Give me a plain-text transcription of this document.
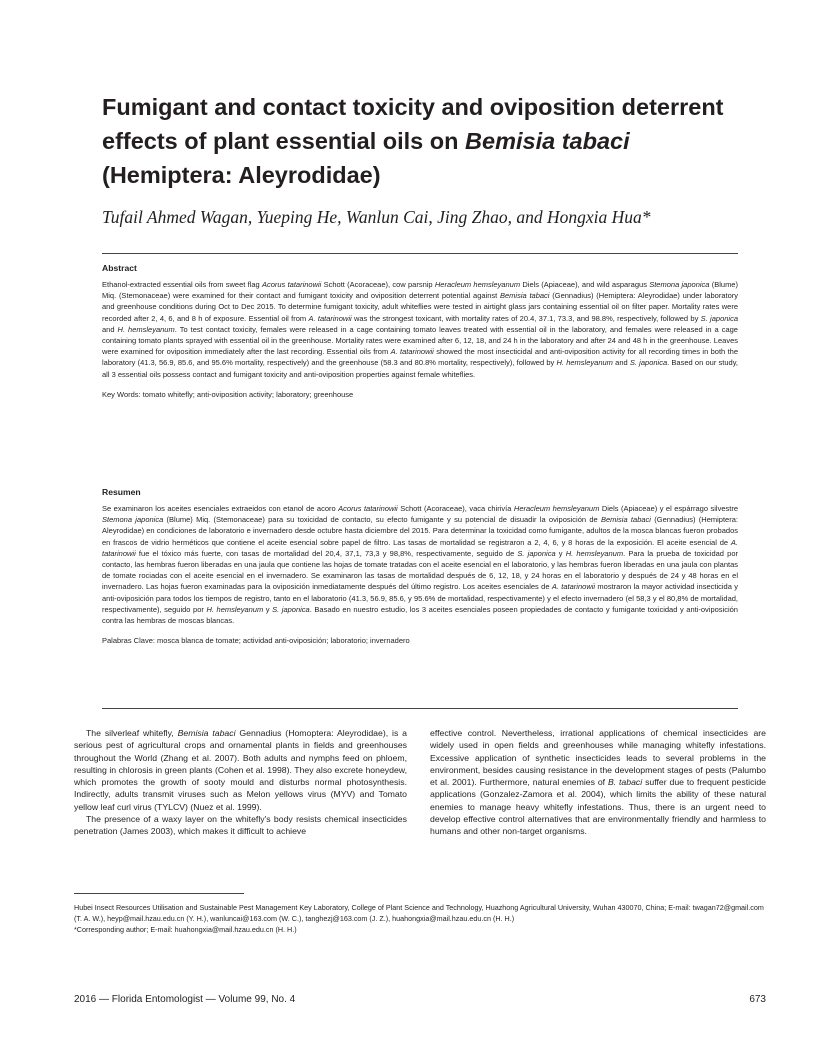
Fumigant and contact toxicity and oviposition deterrent
effects of plant essential oils on Bemisia tabaci
(Hemiptera: Aleyrodidae)
Tufail Ahmed Wagan, Yueping He, Wanlun Cai, Jing Zhao, and Hongxia Hua*
Abstract

Ethanol-extracted essential oils from sweet flag Acorus tatarinowii Schott (Acoraceae), cow parsnip Heracleum hemsleyanum Diels (Apiaceae), and wild asparagus Stemona japonica (Blume) Miq. (Stemonaceae) were examined for their contact and fumigant toxicity and oviposition deterrent potential against Bemisia tabaci (Gennadius) (Hemiptera: Aleyrodidae) under laboratory and greenhouse conditions during Oct to Dec 2015. To determine fumigant toxicity, adult whiteflies were tested in airtight glass jars containing essential oil on filter paper. Mortality rates were recorded after 2, 4, 6, and 8 h of exposure. Essential oil from A. tatarinowii was the strongest toxicant, with mortality rates of 20.4, 37.1, 73.3, and 98.8%, respectively, followed by S. japonica and H. hemsleyanum. To test contact toxicity, females were released in a cage containing tomato leaves treated with essential oil in the laboratory, and females were released in a cage containing tomato plants sprayed with essential oil in the greenhouse. Mortality rates were examined after 6, 12, 18, and 24 h in the laboratory and after 24 and 48 h in the greenhouse. Leaves were examined for oviposition immediately after the last recording. Essential oils from A. tatarinowii showed the most insecticidal and anti-oviposition activity for all recording times in both the laboratory (41.3, 56.9, 85.6, and 95.6% mortality, respectively) and the greenhouse (58.3 and 80.8% mortality, respectively), followed by H. hemsleyanum and S. japonica. Based on our study, all 3 essential oils possess contact and fumigant toxicity and anti-oviposition properties against female whiteflies.

Key Words: tomato whitefly; anti-oviposition activity; laboratory; greenhouse

Resumen

Se examinaron los aceites esenciales extraeidos con etanol de acoro Acorus tatarinowii Schott (Acoraceae), vaca chirivía Heracleum hemsleyanum Diels (Apiaceae) y el espárrago silvestre Stemona japonica (Blume) Miq. (Stemonaceae) para su toxicidad de contacto, su efecto fumigante y su potencial de disuadir la oviposición de Bemisia tabaci (Gennadius) (Hemiptera: Aleyrodidae) en condiciones de laboratorio e invernadero desde octubre hasta diciembre del 2015. Para determinar la toxicidad como fumigante, adultos de la mosca blancas fueron probados en frascos de vidrio herméticos que contiene el aceite esencial sobre papel de filtro. Las tasas de mortalidad se registraron a 2, 4, 6, y 8 horas de la exposición. El aceite esencial de A. tatarinowii fue el tóxico más fuerte, con tasas de mortalidad del 20,4, 37,1, 73,3 y 98,8%, respectivamente, seguido de S. japonica y H. hemsleyanum. Para la prueba de toxicidad por contacto, las hembras fueron liberadas en una jaula que contiene las hojas de tomate tratadas con el aceite esencial en el laboratorio, y las hembras fueron liberadas en una jaula con plantas de tomate rociadas con el aceite esencial en el invernadero. Se examinaron las tasas de mortalidad después de 6, 12, 18, y 24 horas en el laboratorio y después de 24 y 48 horas en el invernadero. Las hojas fueron examinadas para la oviposición inmediatamente después del último registro. Los aceites esenciales de A. tatarinowii mostraron la mayor actividad insecticida y anti-oviposición para todos los tiempos de registro, tanto en el laboratorio (41.3, 56.9, 85.6, y 95.6% de mortalidad, respectivamente) y el efecto invernadero (el 58,3 y el 80,8% de mortalidad, respectivamente), seguido por H. hemsleyanum y S. japonica. Basado en nuestro estudio, los 3 aceites esenciales poseen propiedades de contacto y fumigante toxicidad y anti-oviposición contra las hembras de moscas blancas.

Palabras Clave: mosca blanca de tomate; actividad anti-oviposición; laboratorio; invernadero

The silverleaf whitefly, Bemisia tabaci Gennadius (Homoptera: Aleyrodidae), is a serious pest of agricultural crops and ornamental plants in fields and greenhouses throughout the World (Zhang et al. 2007). Both adults and nymphs feed on phloem, resulting in chlorosis in green plants (Cohen et al. 1998). They also excrete honeydew, which promotes the growth of sooty mould and disturbs normal photosynthesis. Indirectly, adults transmit viruses such as Melon yellows virus (MYV) and Tomato yellow leaf curl virus (TYLCV) (Nuez et al. 1999).

The presence of a waxy layer on the whitefly's body resists chemical insecticides penetration (James 2003), which makes it difficult to achieve

effective control. Nevertheless, irrational applications of chemical insecticides are widely used in open fields and greenhouses while managing whitefly infestations. Excessive application of synthetic insecticides leads to several problems in the environment, besides causing resistance in the development stages of pests (Palumbo et al. 2001). Furthermore, natural enemies of B. tabaci suffer due to frequent pesticide applications (Gonzalez-Zamora et al. 2004), which limits the ability of these natural enemies to manage heavy whitefly infestations. Thus, there is an urgent need to develop effective control alternatives that are environmentally friendly and harmless to humans and other non-target organisms.

Hubei Insect Resources Utilisation and Sustainable Pest Management Key Laboratory, College of Plant Science and Technology, Huazhong Agricultural University, Wuhan 430070, China; E-mail: twagan72@gmail.com (T. A. W.), heyp@mail.hzau.edu.cn (Y. H.), wanluncai@163.com (W. C.), tanghezj@163.com (J. Z.), huahongxia@mail.hzau.edu.cn (H. H.)

*Corresponding author; E-mail: huahongxia@mail.hzau.edu.cn (H. H.)

2016 — Florida Entomologist — Volume 99, No. 4	673
